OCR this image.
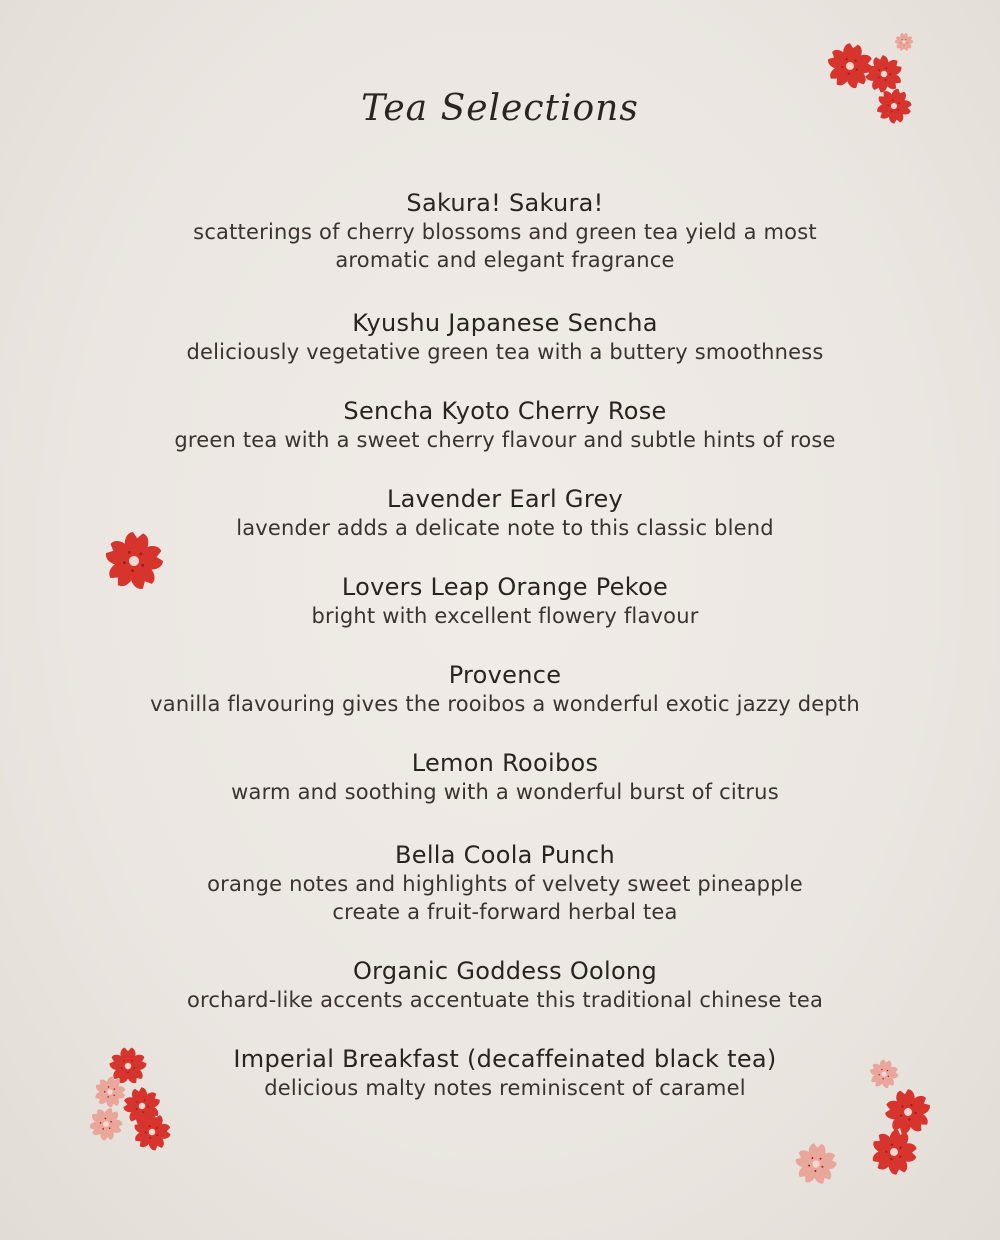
Tea Selections
Sakura! Sakura!
scatterings of cherry blossoms and green tea yield a most
aromatic and elegant fragrance
Kyushu Japanese Sencha
deliciously vegetative green tea with a buttery smoothness
Sencha Kyoto Cherry Rose
green tea with a sweet cherry flavour and subtle hints of rose
Lavender Earl Grey
lavender adds a delicate note to this classic blend
Lovers Leap Orange Pekoe
bright with excellent flowery flavour
Provence
vanilla flavouring gives the rooibos a wonderful exotic jazzy depth
Lemon Rooibos
warm and soothing with a wonderful burst of citrus
Bella Coola Punch
orange notes and highlights of velvety sweet pineapple
create a fruit-forward herbal tea
Organic Goddess Oolong
orchard-like accents accentuate this traditional chinese tea
Imperial Breakfast (decaffeinated black tea)
delicious malty notes reminiscent of caramel
